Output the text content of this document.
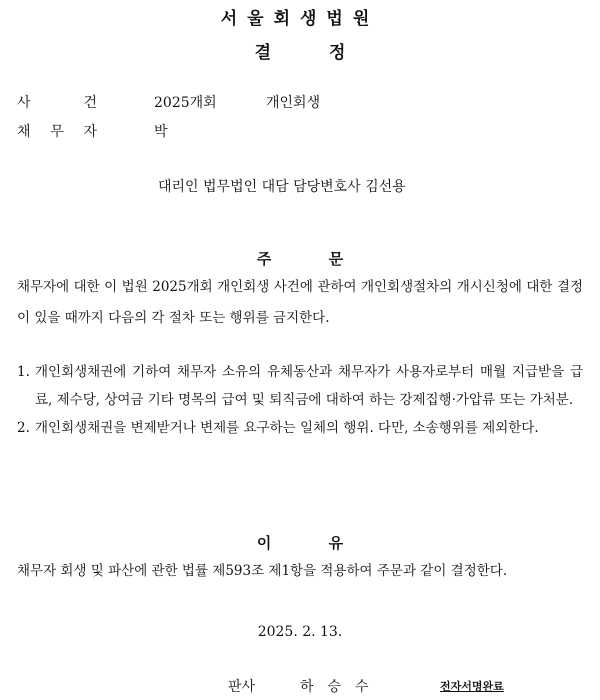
서울회생법원
결 정
사	건	2025개회	개인회생
채 무 자	박
대리인 법무법인 대담 담당변호사 김선용
주 문
채무자에 대한 이 법원 2025개회 개인회생 사건에 관하여 개인회생절차의 개시신청에 대한 결정이 있을 때까지 다음의 각 절차 또는 행위를 금지한다.
1. 개인회생채권에 기하여 채무자 소유의 유체동산과 채무자가 사용자로부터 매월 지급받을 급료, 제수당, 상여금 기타 명목의 급여 및 퇴직금에 대하여 하는 강제집행·가압류 또는 가처분.
2. 개인회생채권을 변제받거나 변제를 요구하는 일체의 행위. 다만, 소송행위를 제외한다.
이 유
채무자 회생 및 파산에 관한 법률 제593조 제1항을 적용하여 주문과 같이 결정한다.
2025. 2. 13.
판사	하승수	전자서명완료
